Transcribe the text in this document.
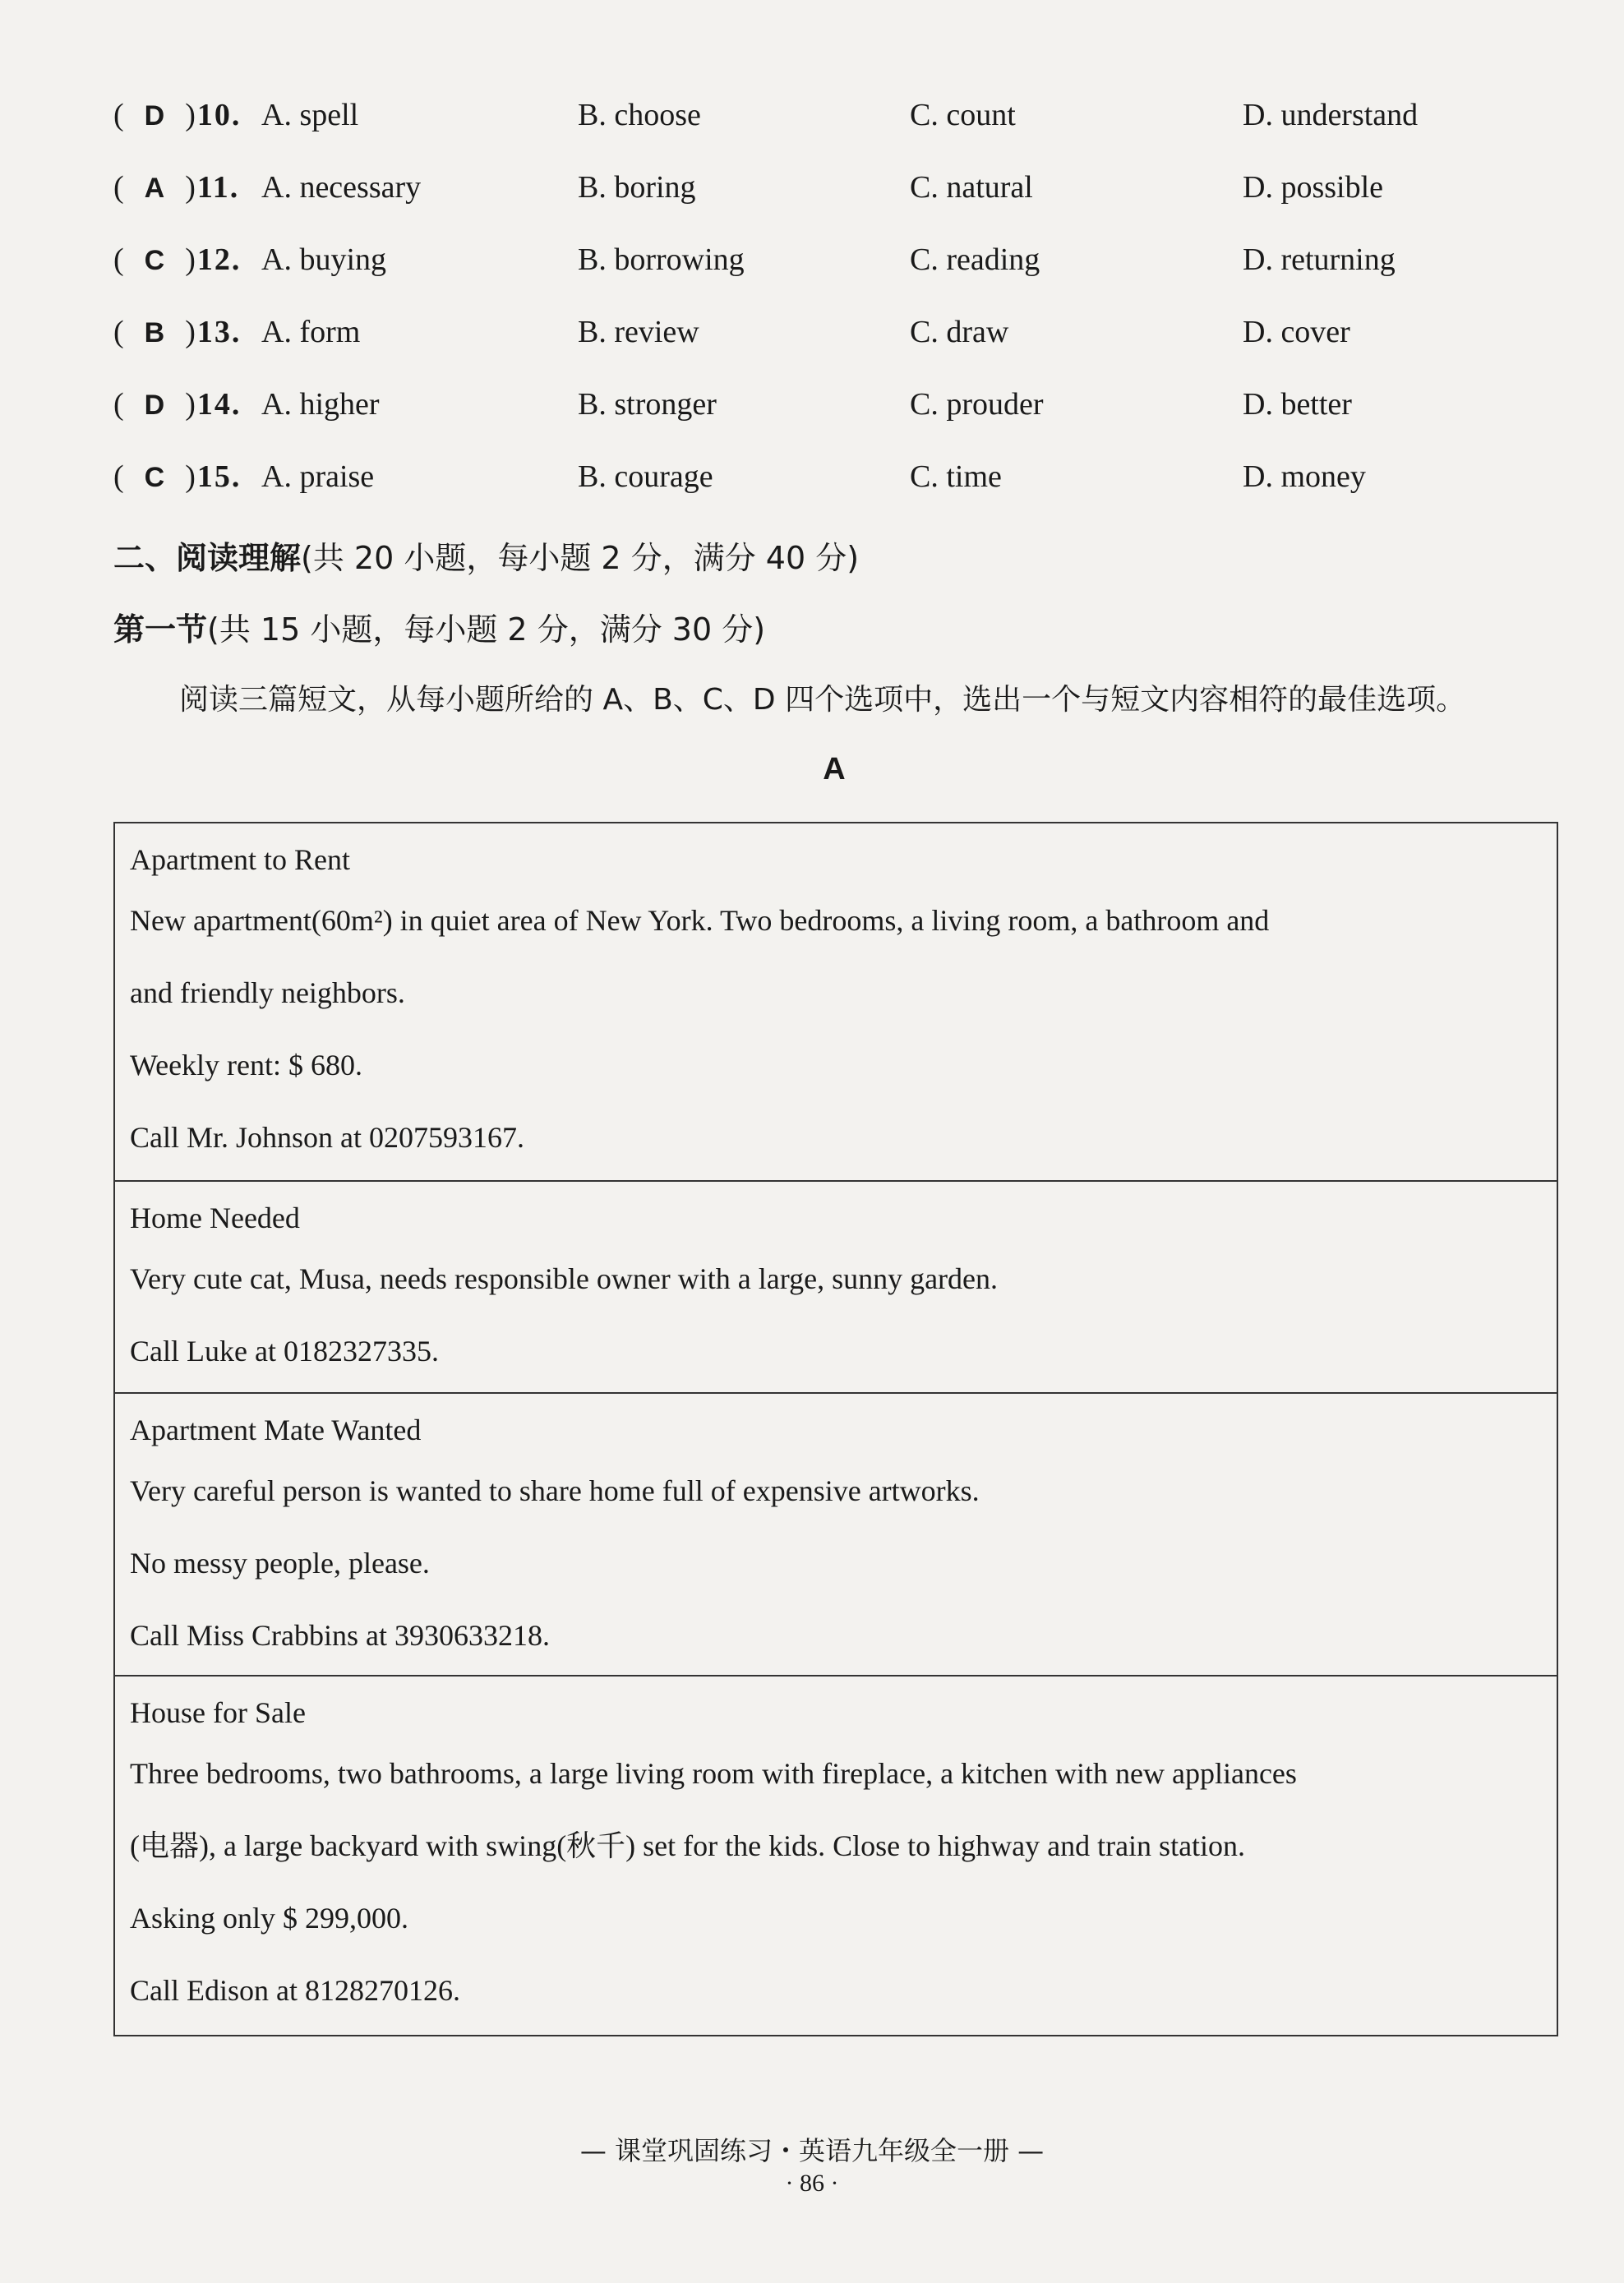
(  D  )10. A. spell	B. choose	C. count	D. understand
(  A  )11. A. necessary	B. boring	C. natural	D. possible
(  C  )12. A. buying	B. borrowing	C. reading	D. returning
(  B  )13. A. form	B. review	C. draw	D. cover
(  D  )14. A. higher	B. stronger	C. prouder	D. better
(  C  )15. A. praise	B. courage	C. time	D. money
二、阅读理解(共 20 小题，每小题 2 分，满分 40 分)
第一节(共 15 小题，每小题 2 分，满分 30 分)
阅读三篇短文，从每小题所给的 A、B、C、D 四个选项中，选出一个与短文内容相符的最佳选项。
A
Apartment to Rent
New apartment(60m²) in quiet area of New York. Two bedrooms, a living room, a bathroom and
and friendly neighbors.
Weekly rent: $ 680.
Call Mr. Johnson at 0207593167.
Home Needed
Very cute cat, Musa, needs responsible owner with a large, sunny garden.
Call Luke at 0182327335.
Apartment Mate Wanted
Very careful person is wanted to share home full of expensive artworks.
No messy people, please.
Call Miss Crabbins at 3930633218.
House for Sale
Three bedrooms, two bathrooms, a large living room with fireplace, a kitchen with new appliances
(电器), a large backyard with swing(秋千) set for the kids. Close to highway and train station.
Asking only $ 299,000.
Call Edison at 8128270126.
— 课堂巩固练习・英语九年级全一册 —
· 86 ·
